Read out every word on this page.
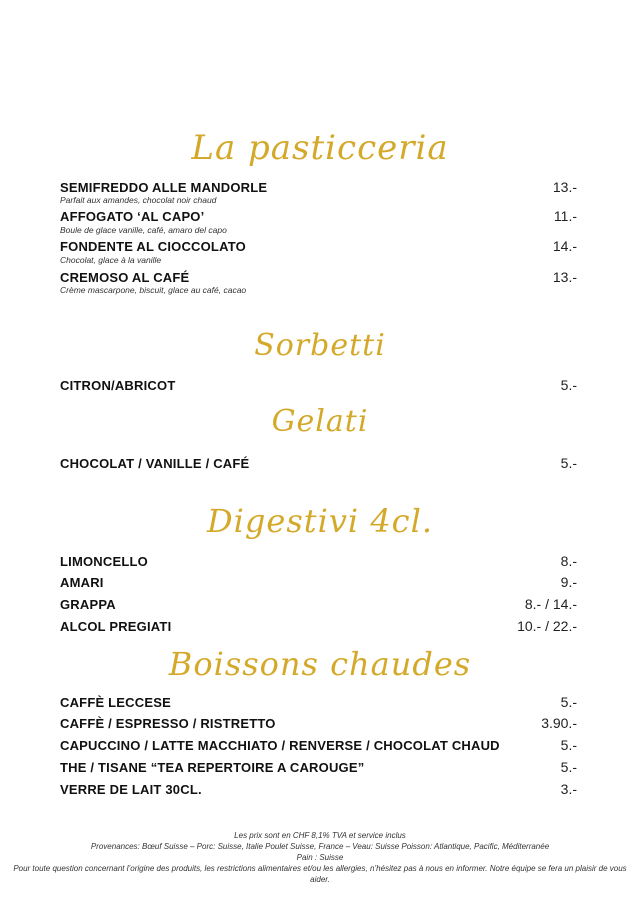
La pasticceria
Sorbetti
Gelati
Digestivi 4cl.
Boissons chaudes
SEMIFREDDO ALLE MANDORLE	13.-
Parfait aux amandes, chocolat noir chaud
AFFOGATO ‘AL CAPO’	11.-
Boule de glace vanille, café, amaro del capo
FONDENTE AL CIOCCOLATO	14.-
Chocolat, glace à la vanille
CREMOSO AL CAFÉ	13.-
Crème mascarpone, biscuit, glace au café, cacao
CITRON/ABRICOT	5.-
CHOCOLAT / VANILLE / CAFÉ	5.-
LIMONCELLO	8.-
AMARI	9.-
GRAPPA	8.- / 14.-
ALCOL PREGIATI	10.- / 22.-
CAFFÈ LECCESE	5.-
CAFFÈ / ESPRESSO / RISTRETTO	3.90.-
CAPUCCINO / LATTE MACCHIATO / RENVERSE / CHOCOLAT CHAUD	5.-
THE / TISANE “TEA REPERTOIRE A CAROUGE”	5.-
VERRE DE LAIT 30CL.	3.-
Les prix sont en CHF 8,1% TVA et service inclus
Provenances: Bœuf Suisse – Porc: Suisse, Italie Poulet Suisse, France – Veau: Suisse Poisson: Atlantique, Pacific, Méditerranée
Pain : Suisse
Pour toute question concernant l’origine des produits, les restrictions alimentaires et/ou les allergies, n’hésitez pas à nous en informer. Notre équipe se fera un plaisir de vous aider.
